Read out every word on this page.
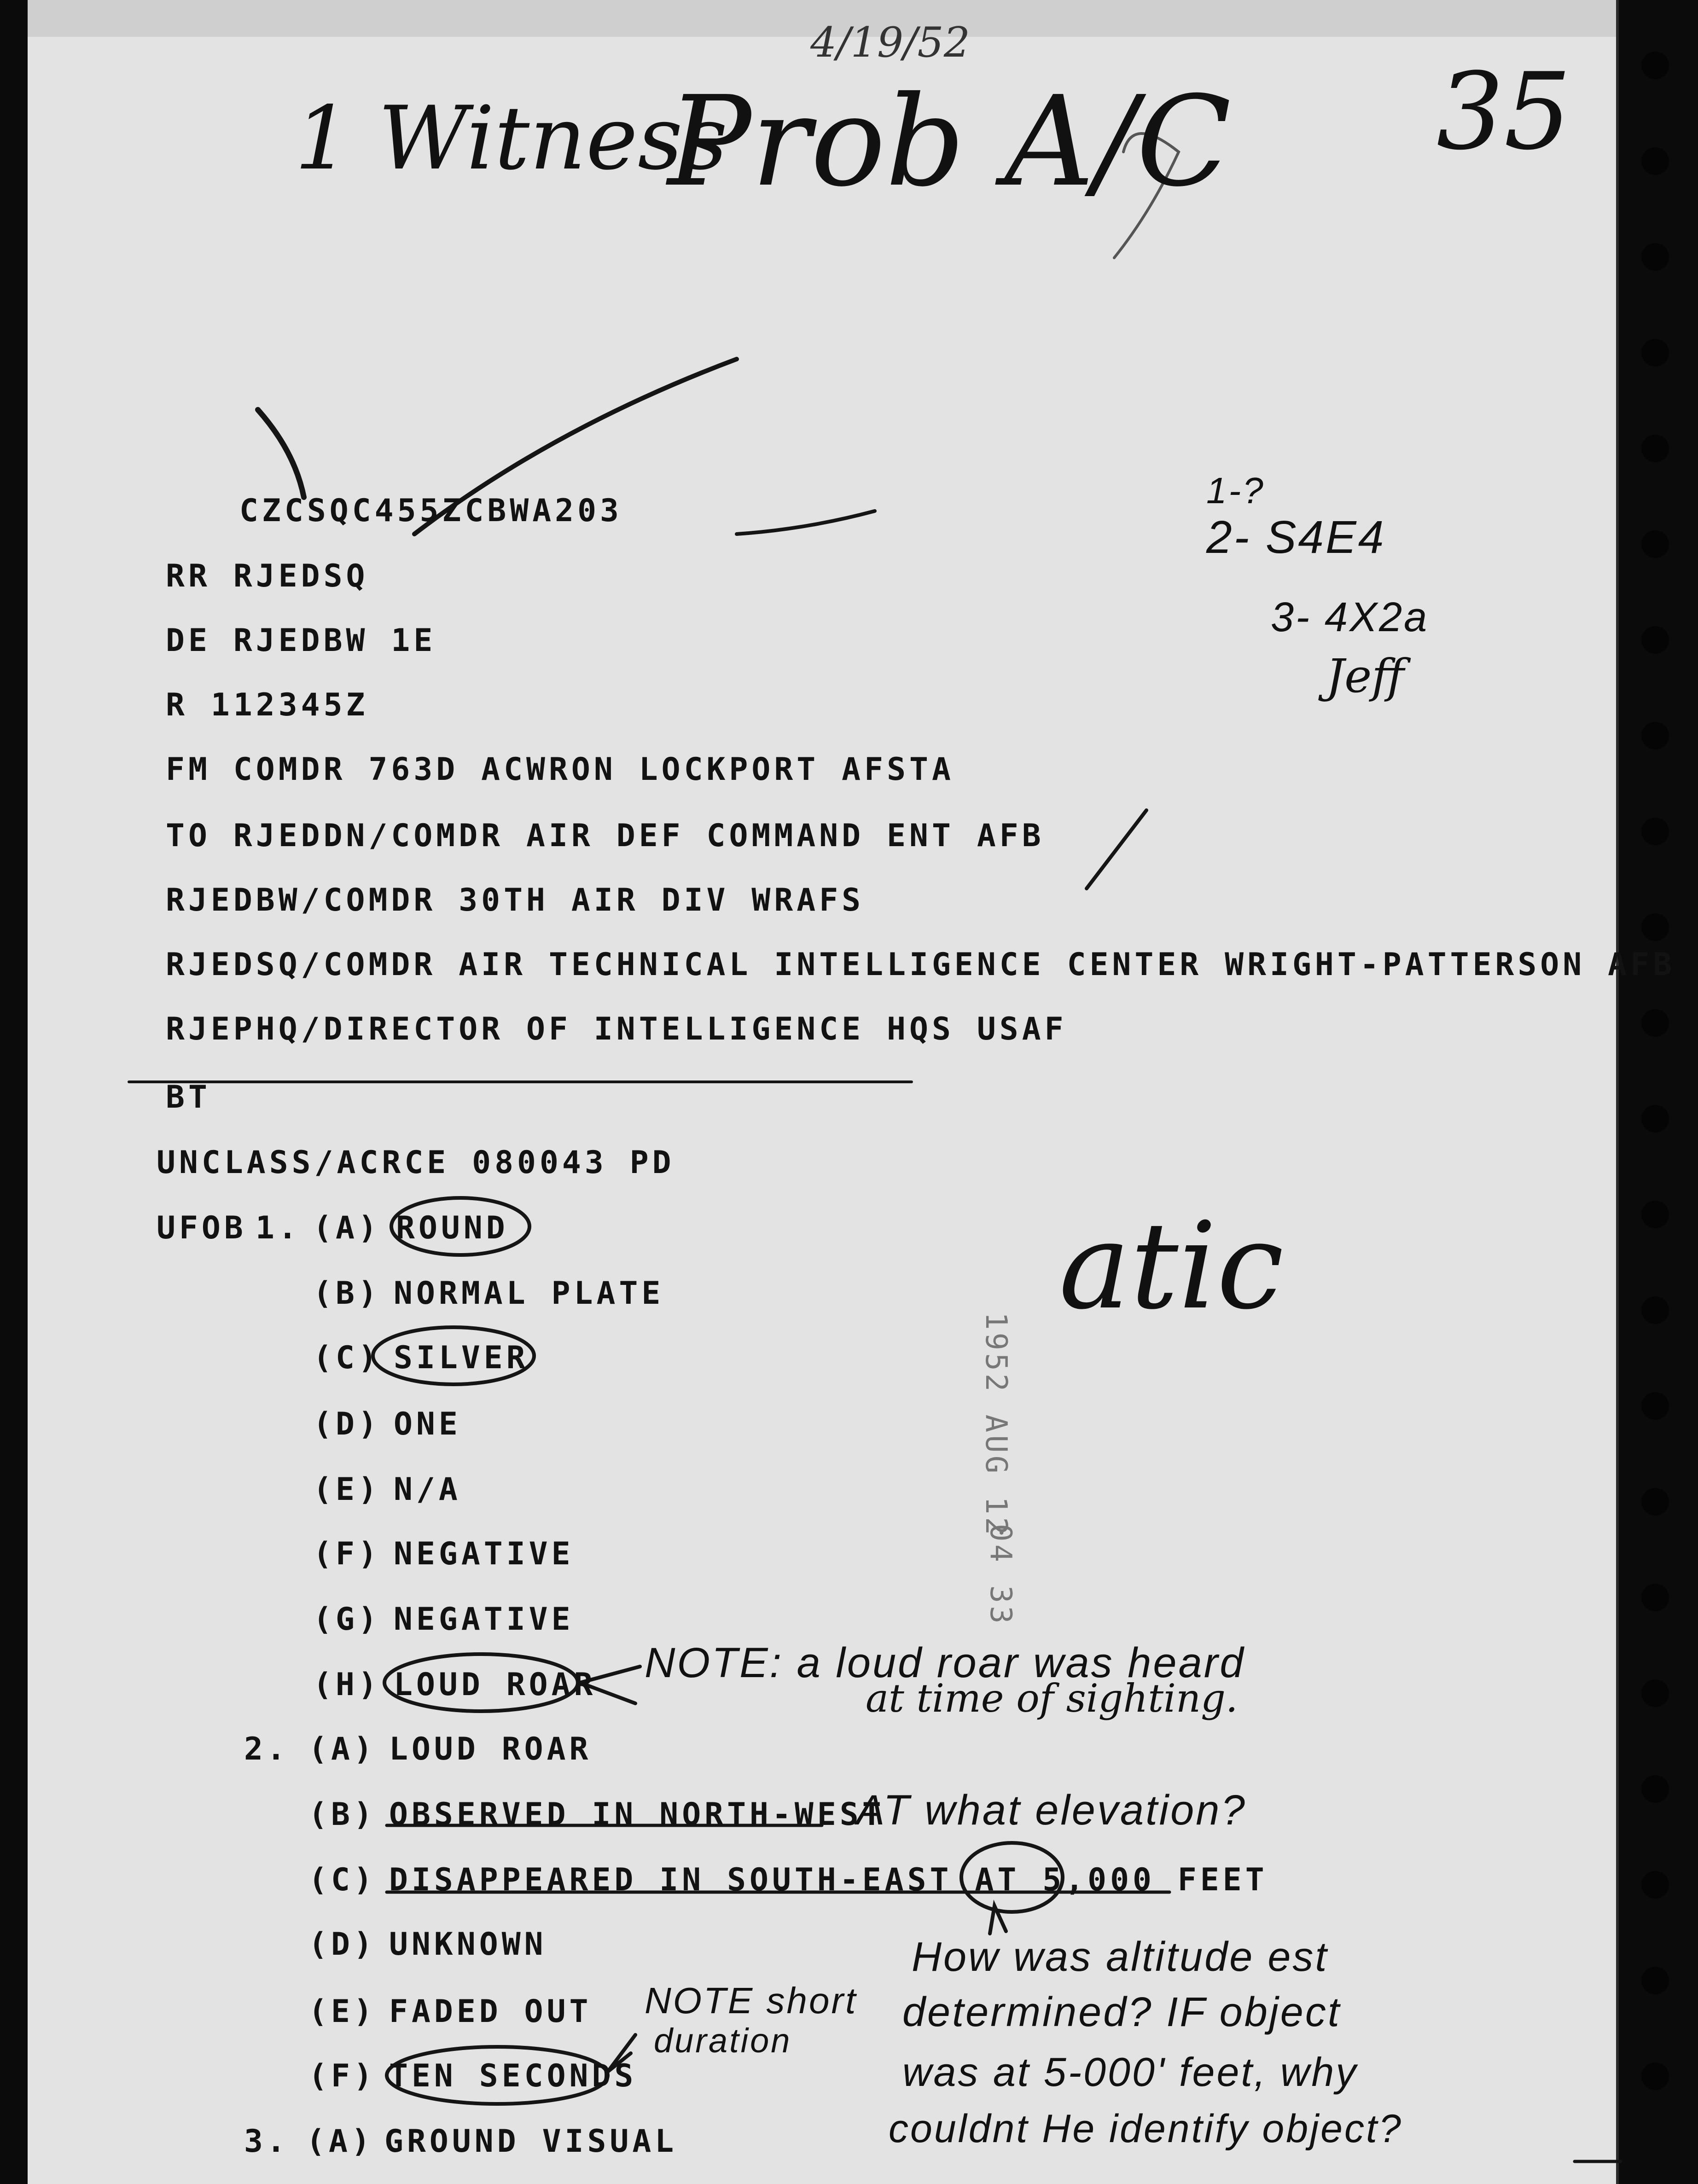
1 Witness

Prob A/C 35

4/19/52

CZCSQC455ZCBWA203

RR RJEDSQ

DE RJEDBW 1E

R 112345Z

FM COMDR 763D ACWRON LOCKPORT AFSTA

TO RJEDDN/COMDR AIR DEF COMMAND ENT AFB

RJEDBW/COMDR 30TH AIR DIV WRAFS

RJEDSQ/COMDR AIR TECHNICAL INTELLIGENCE CENTER WRIGHT-PATTERSON AFB

RJEPHQ/DIRECTOR OF INTELLIGENCE HQS USAF

BT

UNCLASS/ACRCE 080043 PD

UFOB 1. (A) ROUND

(B) NORMAL PLATE

(C) SILVER

(D) ONE

(E) N/A

(F) NEGATIVE

(G) NEGATIVE

(H) LOUD ROAR

2. (A) LOUD ROAR

(B) OBSERVED IN NORTH-WEST

(C) DISAPPEARED IN SOUTH-EAST AT 5,000 FEET

(D) UNKNOWN

(E) FADED OUT

(F) TEN SECONDS

3. (A) GROUND VISUAL

1-?

2- S4E4

3- 4X2a

Jeff

atic

1952 AUG 12
04 33

NOTE: a loud roar was heard

at time of sighting.

AT what elevation?

How was altitude est

determined? IF object

was at 5-000' feet, why

couldnt He identify object?

NOTE short

duration
